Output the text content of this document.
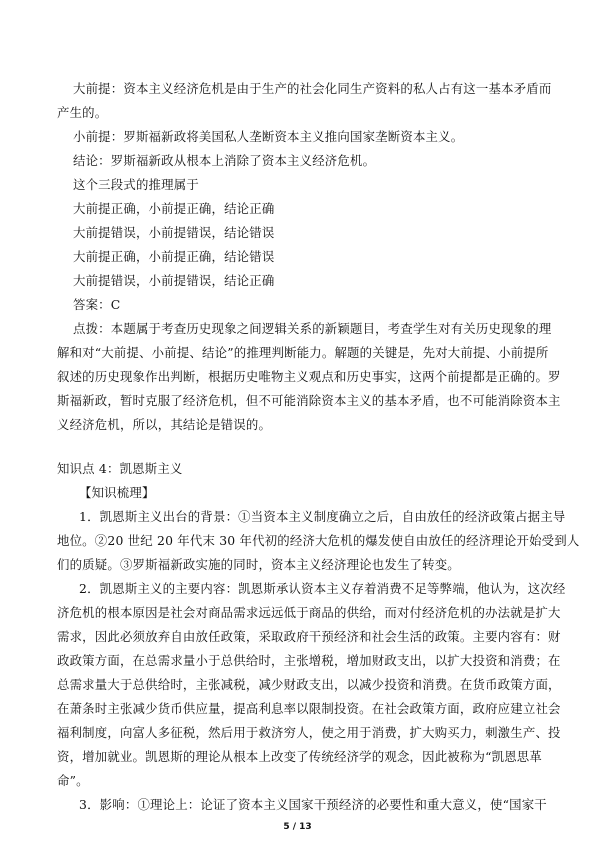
大前提：资本主义经济危机是由于生产的社会化同生产资料的私人占有这一基本矛盾而
产生的。
小前提：罗斯福新政将美国私人垄断资本主义推向国家垄断资本主义。
结论：罗斯福新政从根本上消除了资本主义经济危机。
这个三段式的推理属于
大前提正确，小前提正确，结论正确
大前提错误，小前提错误，结论错误
大前提正确，小前提正确，结论错误
大前提错误，小前提错误，结论正确
答案：C
点拨：本题属于考查历史现象之间逻辑关系的新颖题目，考查学生对有关历史现象的理
解和对“大前提、小前提、结论”的推理判断能力。解题的关键是，先对大前提、小前提所
叙述的历史现象作出判断，根据历史唯物主义观点和历史事实，这两个前提都是正确的。罗
斯福新政，暂时克服了经济危机，但不可能消除资本主义的基本矛盾，也不可能消除资本主
义经济危机，所以，其结论是错误的。
知识点 4：凯恩斯主义
【知识梳理】
1．凯恩斯主义出台的背景：①当资本主义制度确立之后，自由放任的经济政策占据主导
地位。②20 世纪 20 年代末 30 年代初的经济大危机的爆发使自由放任的经济理论开始受到人
们的质疑。③罗斯福新政实施的同时，资本主义经济理论也发生了转变。
2．凯恩斯主义的主要内容：凯恩斯承认资本主义存着消费不足等弊端，他认为，这次经
济危机的根本原因是社会对商品需求远远低于商品的供给，而对付经济危机的办法就是扩大
需求，因此必须放弃自由放任政策，采取政府干预经济和社会生活的政策。主要内容有：财
政政策方面，在总需求量小于总供给时，主张增税，增加财政支出，以扩大投资和消费；在
总需求量大于总供给时，主张减税，减少财政支出，以减少投资和消费。在货币政策方面，
在萧条时主张减少货币供应量，提高利息率以限制投资。在社会政策方面，政府应建立社会
福利制度，向富人多征税，然后用于救济穷人，使之用于消费，扩大购买力，刺激生产、投
资，增加就业。凯恩斯的理论从根本上改变了传统经济学的观念，因此被称为“凯恩思革
命”。
3．影响：①理论上：论证了资本主义国家干预经济的必要性和重大意义，使“国家干
5 / 13
